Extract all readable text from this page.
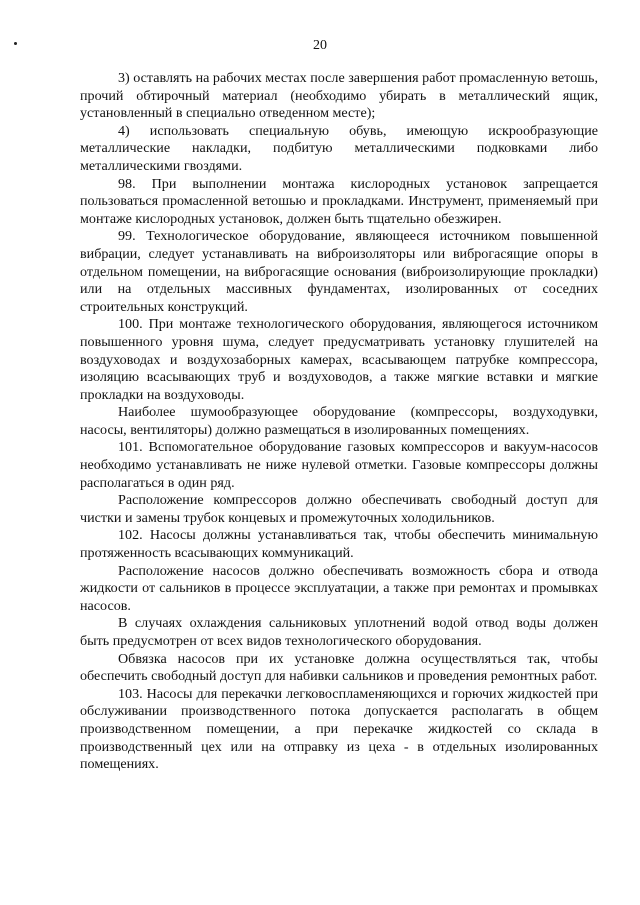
20

3) оставлять на рабочих местах после завершения работ промасленную ветошь, прочий обтирочный материал (необходимо убирать в металлический ящик, установленный в специально отведенном месте);

4) использовать специальную обувь, имеющую искрообразующие металлические накладки, подбитую металлическими подковками либо металлическими гвоздями.

98. При выполнении монтажа кислородных установок запрещается пользоваться промасленной ветошью и прокладками. Инструмент, применяемый при монтаже кислородных установок, должен быть тщательно обезжирен.

99. Технологическое оборудование, являющееся источником повышенной вибрации, следует устанавливать на виброизоляторы или виброгасящие опоры в отдельном помещении, на виброгасящие основания (виброизолирующие прокладки) или на отдельных массивных фундаментах, изолированных от соседних строительных конструкций.

100. При монтаже технологического оборудования, являющегося источником повышенного уровня шума, следует предусматривать установку глушителей на воздуховодах и воздухозаборных камерах, всасывающем патрубке компрессора, изоляцию всасывающих труб и воздуховодов, а также мягкие вставки и мягкие прокладки на воздуховоды.

Наиболее шумообразующее оборудование (компрессоры, воздуходувки, насосы, вентиляторы) должно размещаться в изолированных помещениях.

101. Вспомогательное оборудование газовых компрессоров и вакуум-насосов необходимо устанавливать не ниже нулевой отметки. Газовые компрессоры должны располагаться в один ряд.

Расположение компрессоров должно обеспечивать свободный доступ для чистки и замены трубок концевых и промежуточных холодильников.

102. Насосы должны устанавливаться так, чтобы обеспечить минимальную протяженность всасывающих коммуникаций.

Расположение насосов должно обеспечивать возможность сбора и отвода жидкости от сальников в процессе эксплуатации, а также при ремонтах и промывках насосов.

В случаях охлаждения сальниковых уплотнений водой отвод воды должен быть предусмотрен от всех видов технологического оборудования.

Обвязка насосов при их установке должна осуществляться так, чтобы обеспечить свободный доступ для набивки сальников и проведения ремонтных работ.

103. Насосы для перекачки легковоспламеняющихся и горючих жидкостей при обслуживании производственного потока допускается располагать в общем производственном помещении, а при перекачке жидкостей со склада в производственный цех или на отправку из цеха - в отдельных изолированных помещениях.
